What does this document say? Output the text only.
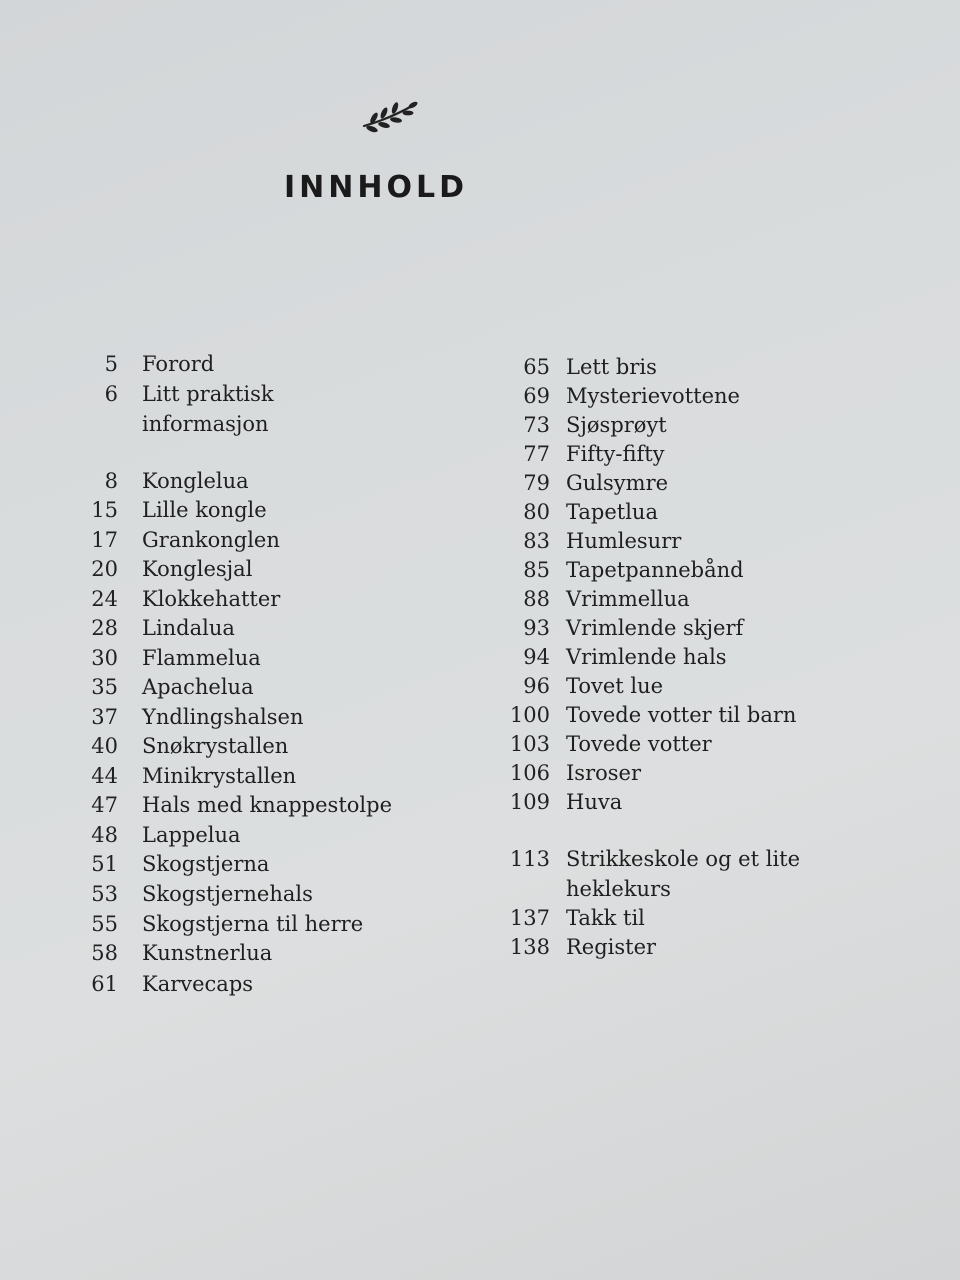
INNHOLD
5 Forord
6 Litt praktisk
informasjon
8 Konglelua
15 Lille kongle
17 Grankonglen
20 Konglesjal
24 Klokkehatter
28 Lindalua
30 Flammelua
35 Apachelua
37 Yndlingshalsen
40 Snøkrystallen
44 Minikrystallen
47 Hals med knappestolpe
48 Lappelua
51 Skogstjerna
53 Skogstjernehals
55 Skogstjerna til herre
58 Kunstnerlua
61 Karvecaps
65 Lett bris
69 Mysterievottene
73 Sjøsprøyt
77 Fifty-fifty
79 Gulsymre
80 Tapetlua
83 Humlesurr
85 Tapetpannebånd
88 Vrimmellua
93 Vrimlende skjerf
94 Vrimlende hals
96 Tovet lue
100 Tovede votter til barn
103 Tovede votter
106 Isroser
109 Huva
113 Strikkeskole og et lite
heklekurs
137 Takk til
138 Register
